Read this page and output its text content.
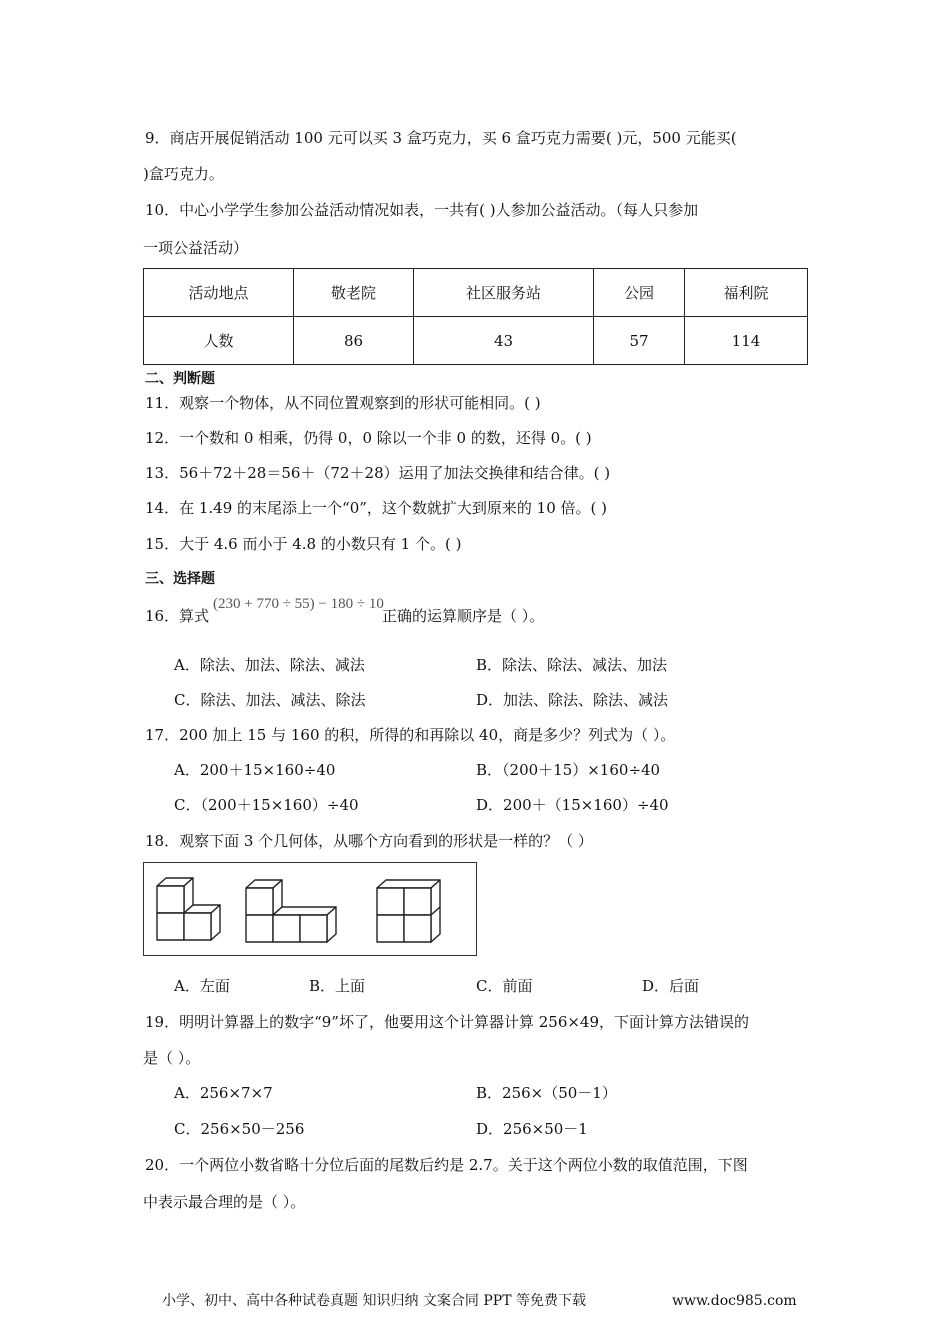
9．商店开展促销活动 100 元可以买 3 盒巧克力，买 6 盒巧克力需要( )元，500 元能买(
)盒巧克力。
10．中心小学学生参加公益活动情况如表，一共有( )人参加公益活动。（每人只参加
一项公益活动）
活动地点	敬老院	社区服务站	公园	福利院
人数	86	43	57	114
二、判断题
11．观察一个物体，从不同位置观察到的形状可能相同。( )
12．一个数和 0 相乘，仍得 0，0 除以一个非 0 的数，还得 0。( )
13．56＋72＋28＝56＋（72＋28）运用了加法交换律和结合律。( )
14．在 1.49 的末尾添上一个“0”，这个数就扩大到原来的 10 倍。( )
15．大于 4.6 而小于 4.8 的小数只有 1 个。( )
三、选择题
16．算式
(230 + 770 ÷ 55) − 180 ÷ 10
正确的运算顺序是（ ）。
A．除法、加法、除法、减法	B．除法、除法、减法、加法
C．除法、加法、减法、除法	D．加法、除法、除法、减法
17．200 加上 15 与 160 的积，所得的和再除以 40，商是多少？列式为（ ）。
A．200＋15×160÷40	B．（200＋15）×160÷40
C．（200＋15×160）÷40	D．200＋（15×160）÷40
18．观察下面 3 个几何体，从哪个方向看到的形状是一样的？（ ）
A．左面	B．上面	C．前面	D．后面
19．明明计算器上的数字“9”坏了，他要用这个计算器计算 256×49，下面计算方法错误的
是（ ）。
A．256×7×7	B．256×（50－1）
C．256×50－256	D．256×50－1
20．一个两位小数省略十分位后面的尾数后约是 2.7。关于这个两位小数的取值范围，下图
中表示最合理的是（ ）。
小学、初中、高中各种试卷真题 知识归纳 文案合同 PPT 等免费下载	www.doc985.com
